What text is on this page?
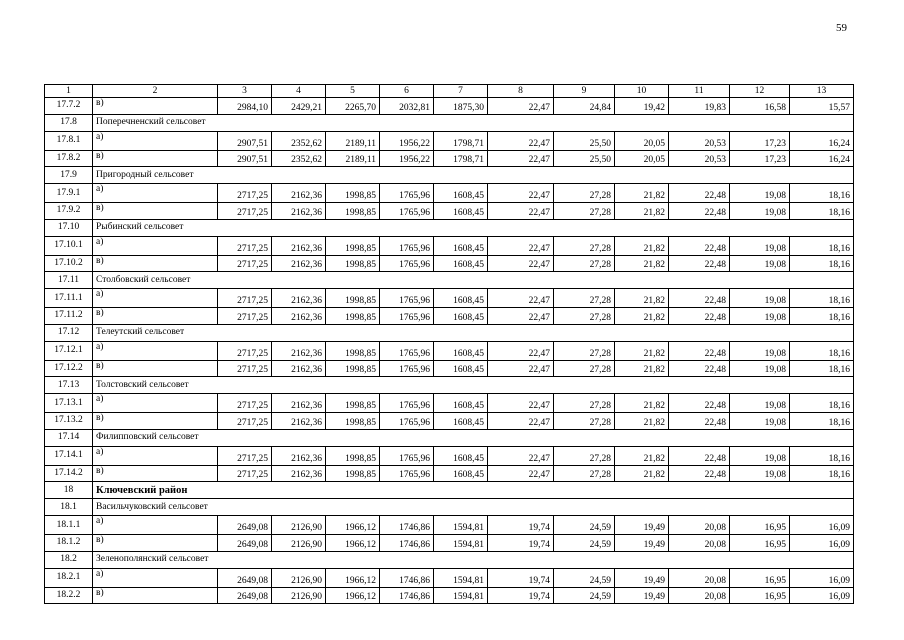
59
1	2	3	4	5	6	7	8	9	10	11	12	13
17.7.2	в)	2984,10	2429,21	2265,70	2032,81	1875,30	22,47	24,84	19,42	19,83	16,58	15,57
17.8	Поперечненский сельсовет											
17.8.1	а)	2907,51	2352,62	2189,11	1956,22	1798,71	22,47	25,50	20,05	20,53	17,23	16,24
17.8.2	в)	2907,51	2352,62	2189,11	1956,22	1798,71	22,47	25,50	20,05	20,53	17,23	16,24
17.9	Пригородный сельсовет											
17.9.1	а)	2717,25	2162,36	1998,85	1765,96	1608,45	22,47	27,28	21,82	22,48	19,08	18,16
17.9.2	в)	2717,25	2162,36	1998,85	1765,96	1608,45	22,47	27,28	21,82	22,48	19,08	18,16
17.10	Рыбинский сельсовет											
17.10.1	а)	2717,25	2162,36	1998,85	1765,96	1608,45	22,47	27,28	21,82	22,48	19,08	18,16
17.10.2	в)	2717,25	2162,36	1998,85	1765,96	1608,45	22,47	27,28	21,82	22,48	19,08	18,16
17.11	Столбовский сельсовет											
17.11.1	а)	2717,25	2162,36	1998,85	1765,96	1608,45	22,47	27,28	21,82	22,48	19,08	18,16
17.11.2	в)	2717,25	2162,36	1998,85	1765,96	1608,45	22,47	27,28	21,82	22,48	19,08	18,16
17.12	Телеутский сельсовет											
17.12.1	а)	2717,25	2162,36	1998,85	1765,96	1608,45	22,47	27,28	21,82	22,48	19,08	18,16
17.12.2	в)	2717,25	2162,36	1998,85	1765,96	1608,45	22,47	27,28	21,82	22,48	19,08	18,16
17.13	Толстовский сельсовет											
17.13.1	а)	2717,25	2162,36	1998,85	1765,96	1608,45	22,47	27,28	21,82	22,48	19,08	18,16
17.13.2	в)	2717,25	2162,36	1998,85	1765,96	1608,45	22,47	27,28	21,82	22,48	19,08	18,16
17.14	Филипповский сельсовет											
17.14.1	а)	2717,25	2162,36	1998,85	1765,96	1608,45	22,47	27,28	21,82	22,48	19,08	18,16
17.14.2	в)	2717,25	2162,36	1998,85	1765,96	1608,45	22,47	27,28	21,82	22,48	19,08	18,16
18	Ключевский район											
18.1	Васильчуковский сельсовет											
18.1.1	а)	2649,08	2126,90	1966,12	1746,86	1594,81	19,74	24,59	19,49	20,08	16,95	16,09
18.1.2	в)	2649,08	2126,90	1966,12	1746,86	1594,81	19,74	24,59	19,49	20,08	16,95	16,09
18.2	Зеленополянский сельсовет											
18.2.1	а)	2649,08	2126,90	1966,12	1746,86	1594,81	19,74	24,59	19,49	20,08	16,95	16,09
18.2.2	в)	2649,08	2126,90	1966,12	1746,86	1594,81	19,74	24,59	19,49	20,08	16,95	16,09
